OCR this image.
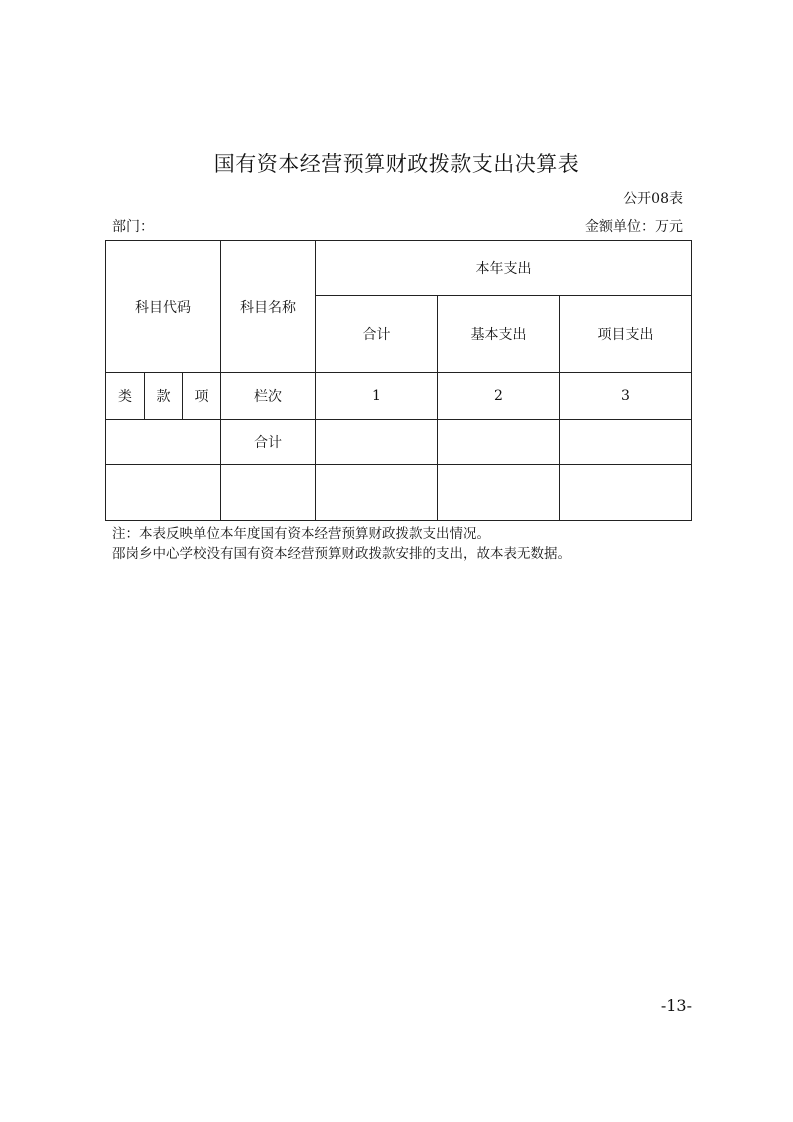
国有资本经营预算财政拨款支出决算表
公开08表
部门：	金额单位：万元
科目代码			科目名称	本年支出		
				合计	基本支出	项目支出
类	款	项	栏次	1	2	3
			合计			

注：本表反映单位本年度国有资本经营预算财政拨款支出情况。
邵岗乡中心学校没有国有资本经营预算财政拨款安排的支出，故本表无数据。
-13-
